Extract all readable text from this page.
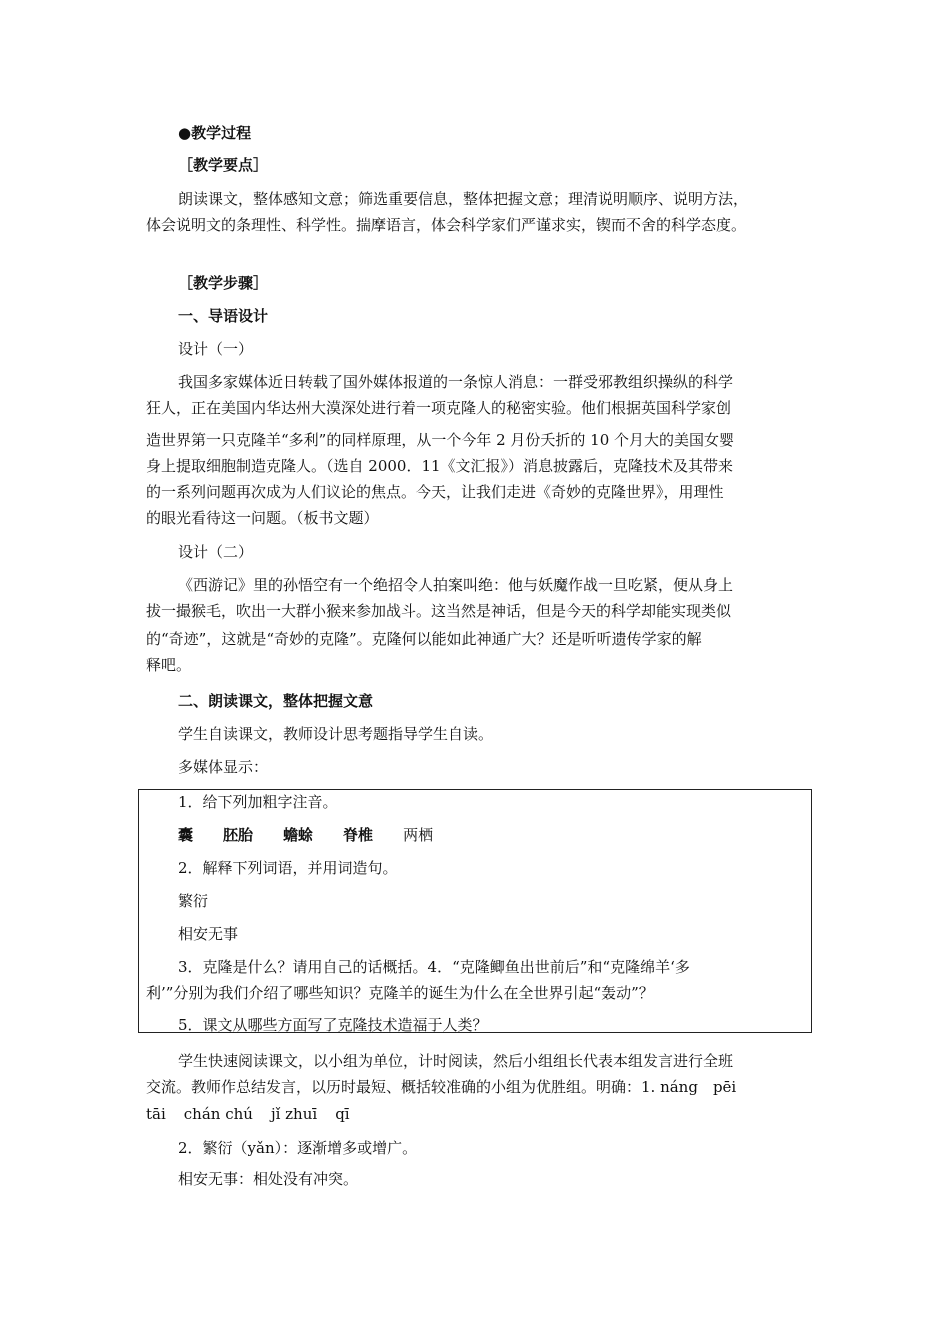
●教学过程
［教学要点］
朗读课文，整体感知文意；筛选重要信息，整体把握文意；理清说明顺序、说明方法，
体会说明文的条理性、科学性。揣摩语言，体会科学家们严谨求实，锲而不舍的科学态度。
［教学步骤］
一、导语设计
设计（一）
我国多家媒体近日转载了国外媒体报道的一条惊人消息：一群受邪教组织操纵的科学
狂人，正在美国内华达州大漠深处进行着一项克隆人的秘密实验。他们根据英国科学家创
造世界第一只克隆羊“多利”的同样原理，从一个今年 2 月份夭折的 10 个月大的美国女婴
身上提取细胞制造克隆人。（选自 2000．11《文汇报》）消息披露后，克隆技术及其带来
的一系列问题再次成为人们议论的焦点。今天，让我们走进《奇妙的克隆世界》，用理性
的眼光看待这一问题。（板书文题）
设计（二）
《西游记》里的孙悟空有一个绝招令人拍案叫绝：他与妖魔作战一旦吃紧，便从身上
拔一撮猴毛，吹出一大群小猴来参加战斗。这当然是神话，但是今天的科学却能实现类似
的“奇迹”，这就是“奇妙的克隆”。克隆何以能如此神通广大？还是听听遗传学家的解
释吧。
二、朗读课文，整体把握文意
学生自读课文，教师设计思考题指导学生自读。
多媒体显示：
1．给下列加粗字注音。
囊 胚胎 蟾蜍 脊椎 两栖
2．解释下列词语，并用词造句。
繁衍
相安无事
3．克隆是什么？请用自己的话概括。4．“克隆鲫鱼出世前后”和“克隆绵羊‘多
利’”分别为我们介绍了哪些知识？克隆羊的诞生为什么在全世界引起“轰动”？
5．课文从哪些方面写了克隆技术造福于人类？
学生快速阅读课文，以小组为单位，计时阅读，然后小组组长代表本组发言进行全班
交流。教师作总结发言，以历时最短、概括较准确的小组为优胜组。明确：1. náng　pēi
tāi chán chú jǐ zhuī qī
2．繁衍（yǎn）：逐渐增多或增广。
相安无事：相处没有冲突。
